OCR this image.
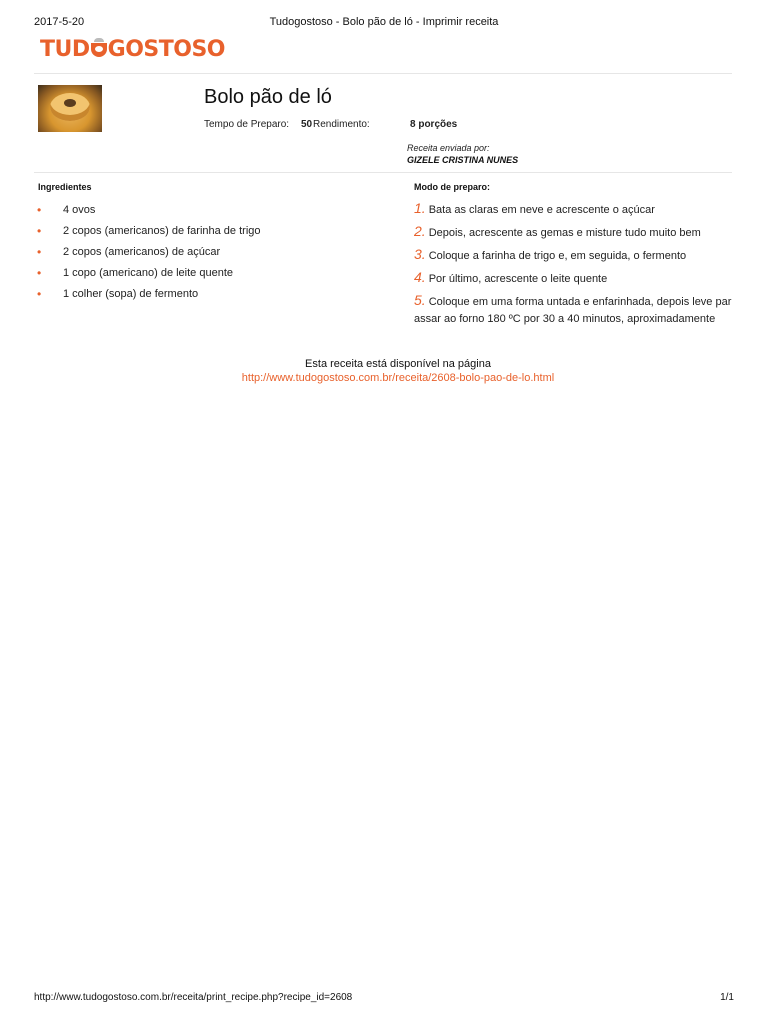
2017-5-20	Tudogostoso - Bolo pão de ló - Imprimir receita
TUD GOSTOSO
Bolo pão de ló
Tempo de Preparo: 50 Rendimento:	8 porções
Receita enviada por:
GIZELE CRISTINA NUNES
Ingredientes	Modo de preparo:
• 4 ovos
• 2 copos (americanos) de farinha de trigo
• 2 copos (americanos) de açúcar
• 1 copo (americano) de leite quente
• 1 colher (sopa) de fermento
1. Bata as claras em neve e acrescente o açúcar
2. Depois, acrescente as gemas e misture tudo muito bem
3. Coloque a farinha de trigo e, em seguida, o fermento
4. Por último, acrescente o leite quente
5. Coloque em uma forma untada e enfarinhada, depois leve par assar ao forno 180 ºC por 30 a 40 minutos, aproximadamente
Esta receita está disponível na página
http://www.tudogostoso.com.br/receita/2608-bolo-pao-de-lo.html
http://www.tudogostoso.com.br/receita/print_recipe.php?recipe_id=2608	1/1
